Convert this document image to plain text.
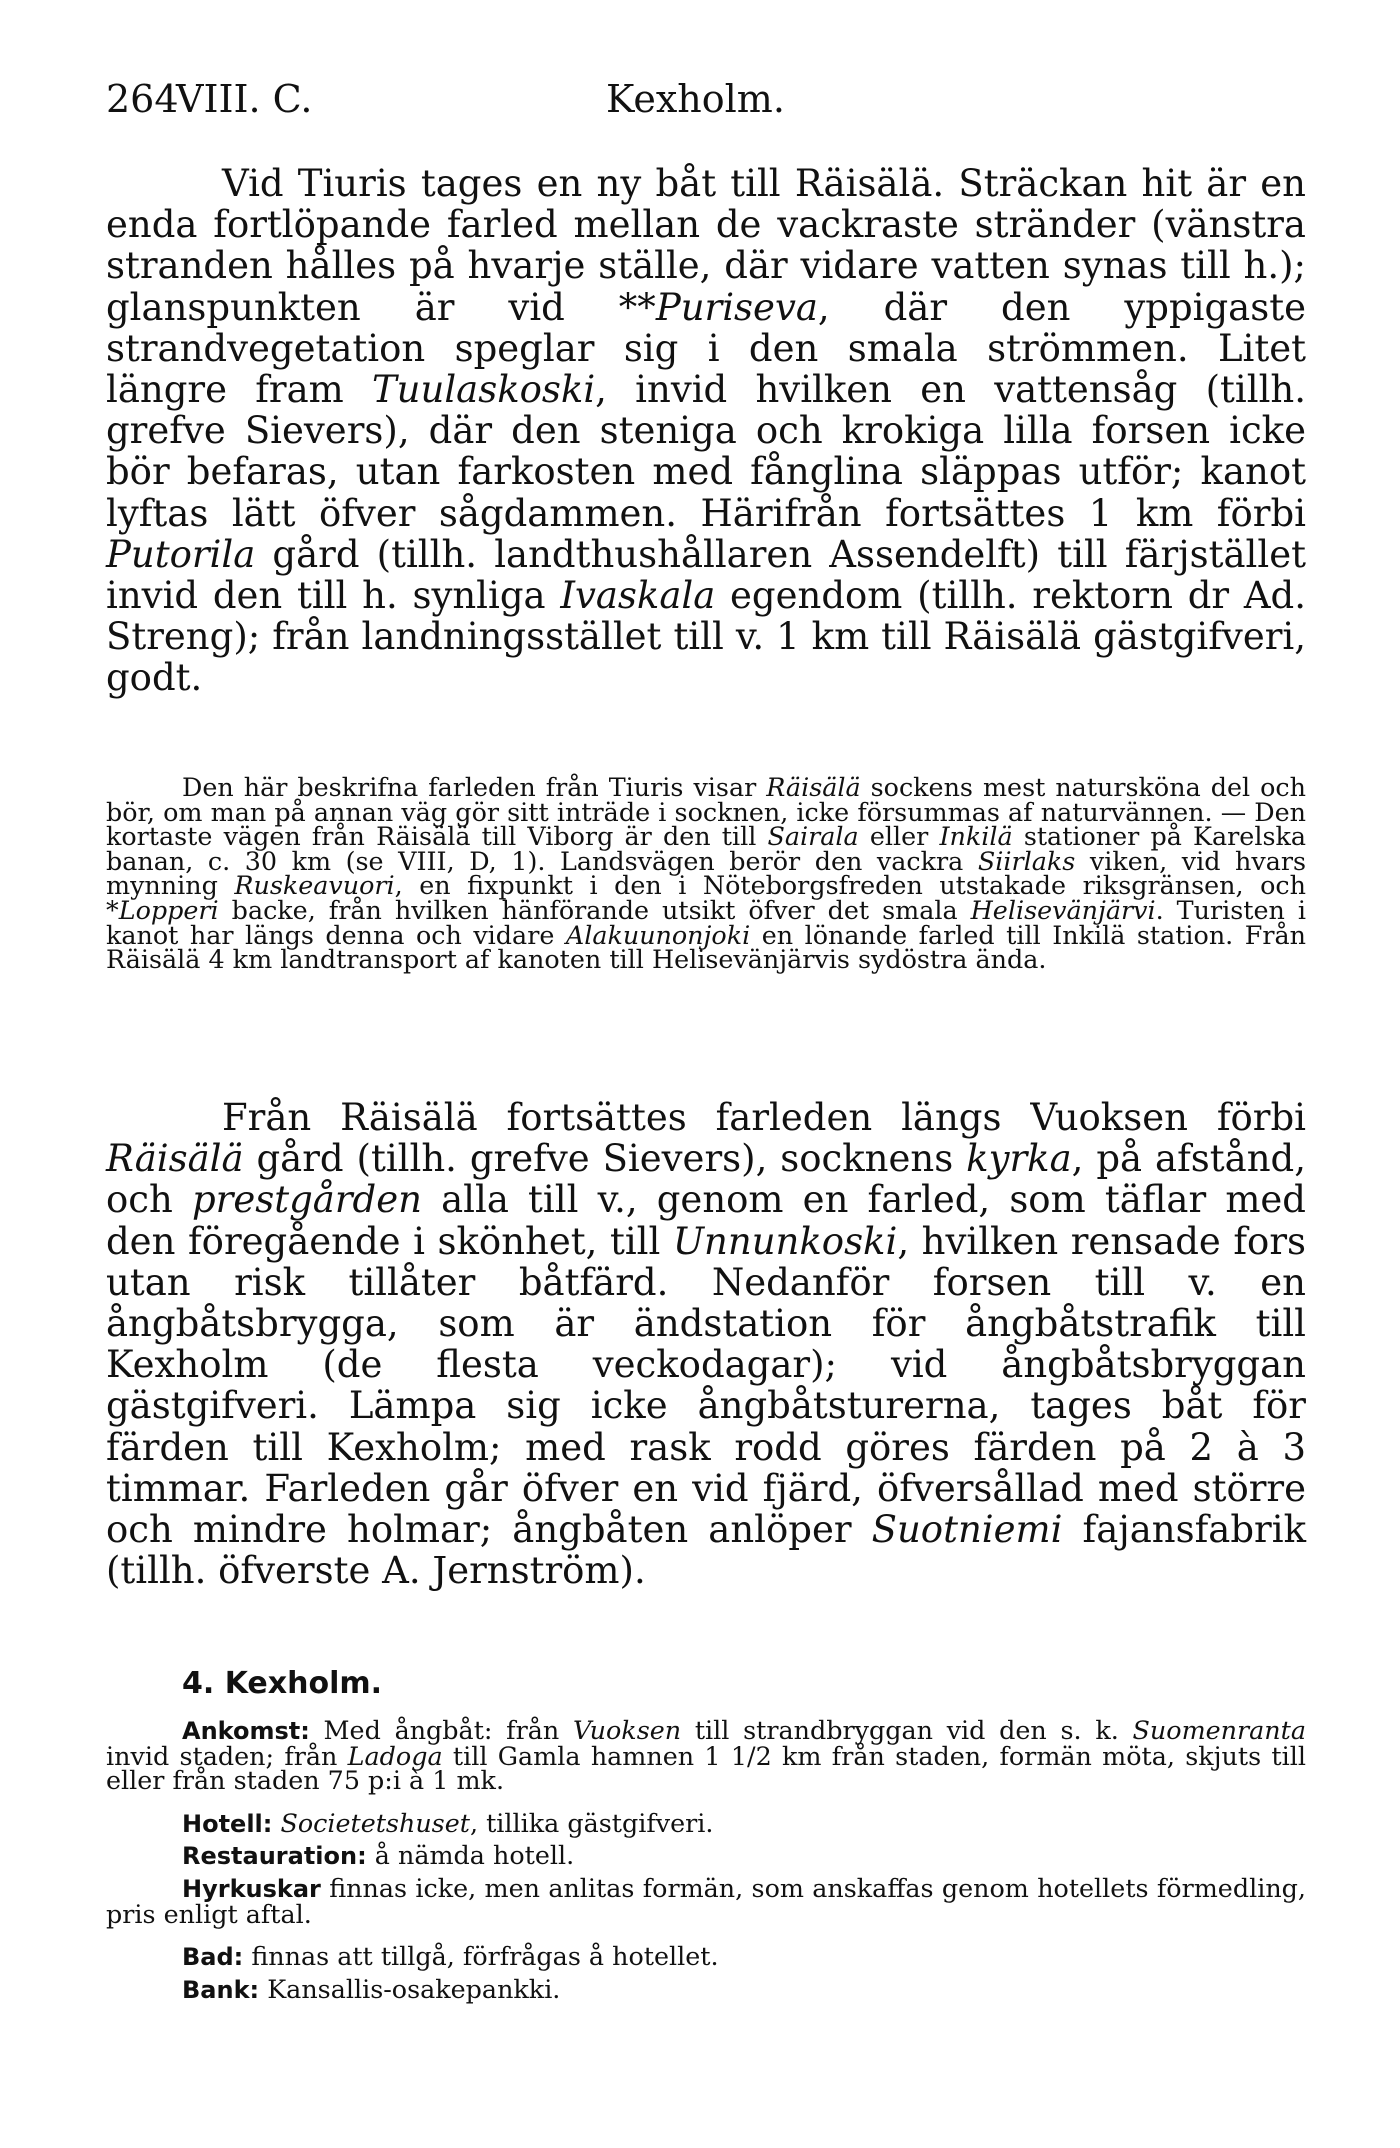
264
VIII. C.	Kexholm.

Vid Tiuris tages en ny båt till Räisälä. Sträckan hit är en enda fortlöpande farled mellan de vackraste stränder (vänstra stranden hålles på hvarje ställe, där vidare vatten synas till h.); glanspunkten är vid **Puriseva, där den yppigaste strandvegetation speglar sig i den smala strömmen. Litet längre fram Tuulaskoski, invid hvilken en vattensåg (tillh. grefve Sievers), där den steniga och krokiga lilla forsen icke bör befaras, utan farkosten med fånglina släppas utför; kanot lyftas lätt öfver sågdammen. Härifrån fortsättes 1 km förbi Putorila gård (tillh. landthushållaren Assendelft) till färjstället invid den till h. synliga Ivaskala egendom (tillh. rektorn dr Ad. Streng); från landningsstället till v. 1 km till Räisälä gästgifveri, godt.

Den här beskrifna farleden från Tiuris visar Räisälä sockens mest natursköna del och bör, om man på annan väg gör sitt inträde i socknen, icke försummas af naturvännen. — Den kortaste vägen från Räisälä till Viborg är den till Sairala eller Inkilä stationer på Karelska banan, c. 30 km (se VIII, D, 1). Landsvägen berör den vackra Siirlaks viken, vid hvars mynning Ruskeavuori, en fixpunkt i den i Nöteborgsfreden utstakade riksgränsen, och *Lopperi backe, från hvilken hänförande utsikt öfver det smala Helisevänjärvi. Turisten i kanot har längs denna och vidare Alakuunonjoki en lönande farled till Inkilä station. Från Räisälä 4 km landtransport af kanoten till Helisevänjärvis sydöstra ända.

Från Räisälä fortsättes farleden längs Vuoksen förbi Räisälä gård (tillh. grefve Sievers), socknens kyrka, på afstånd, och prestgården alla till v., genom en farled, som täflar med den föregående i skönhet, till Unnunkoski, hvilken rensade fors utan risk tillåter båtfärd. Nedanför forsen till v. en ångbåtsbrygga, som är ändstation för ångbåtstrafik till Kexholm (de flesta veckodagar); vid ångbåtsbryggan gästgifveri. Lämpa sig icke ångbåtsturerna, tages båt för färden till Kexholm; med rask rodd göres färden på 2 à 3 timmar. Farleden går öfver en vid fjärd, öfversållad med större och mindre holmar; ångbåten anlöper Suotniemi fajansfabrik (tillh. öfverste A. Jernström).

4. Kexholm.

Ankomst: Med ångbåt: från Vuoksen till strandbryggan vid den s. k. Suomenranta invid staden; från Ladoga till Gamla hamnen 1 1/2 km från staden, formän möta, skjuts till eller från staden 75 p:i à 1 mk.

Hotell: Societetshuset, tillika gästgifveri.

Restauration: å nämda hotell.

Hyrkuskar finnas icke, men anlitas formän, som anskaffas genom hotellets förmedling, pris enligt aftal.

Bad: finnas att tillgå, förfrågas å hotellet.

Bank: Kansallis-osakepankki.
